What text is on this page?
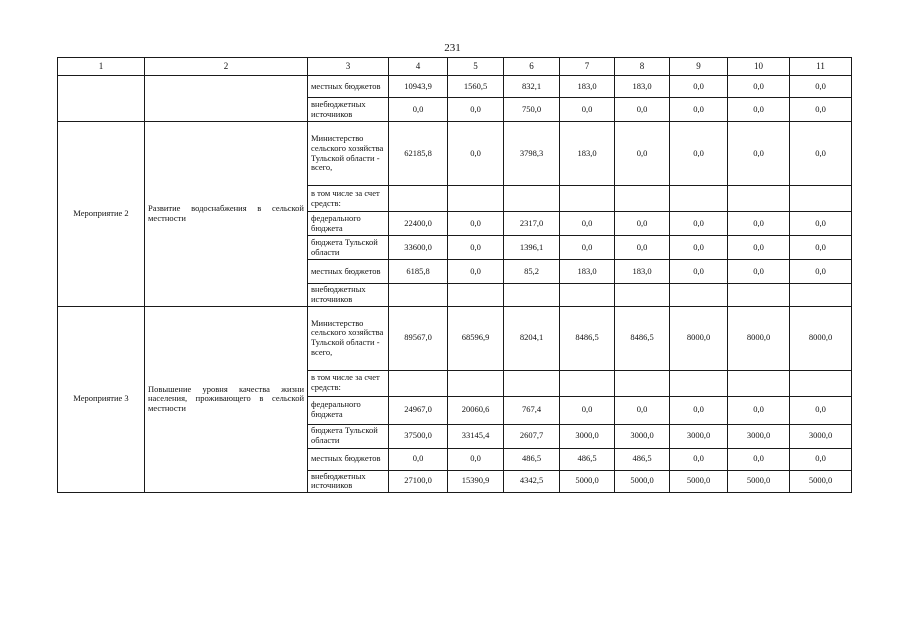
231
1	2	3	4	5	6	7	8	9	10	11
		местных бюджетов	10943,9	1560,5	832,1	183,0	183,0	0,0	0,0	0,0
		внебюджетных источников	0,0	0,0	750,0	0,0	0,0	0,0	0,0	0,0
Мероприятие 2	Развитие водоснабжения в сельской местности	Министерство сельского хозяйства Тульской области - всего,	62185,8	0,0	3798,3	183,0	0,0	0,0	0,0	0,0
		в том числе за счет средств:								
		федерального бюджета	22400,0	0,0	2317,0	0,0	0,0	0,0	0,0	0,0
		бюджета Тульской области	33600,0	0,0	1396,1	0,0	0,0	0,0	0,0	0,0
		местных бюджетов	6185,8	0,0	85,2	183,0	183,0	0,0	0,0	0,0
		внебюджетных источников								
Мероприятие 3	Повышение уровня качества жизни населения, проживающего в сельской местности	Министерство сельского хозяйства Тульской области - всего,	89567,0	68596,9	8204,1	8486,5	8486,5	8000,0	8000,0	8000,0
		в том числе за счет средств:								
		федерального бюджета	24967,0	20060,6	767,4	0,0	0,0	0,0	0,0	0,0
		бюджета Тульской области	37500,0	33145,4	2607,7	3000,0	3000,0	3000,0	3000,0	3000,0
		местных бюджетов	0,0	0,0	486,5	486,5	486,5	0,0	0,0	0,0
		внебюджетных источников	27100,0	15390,9	4342,5	5000,0	5000,0	5000,0	5000,0	5000,0
